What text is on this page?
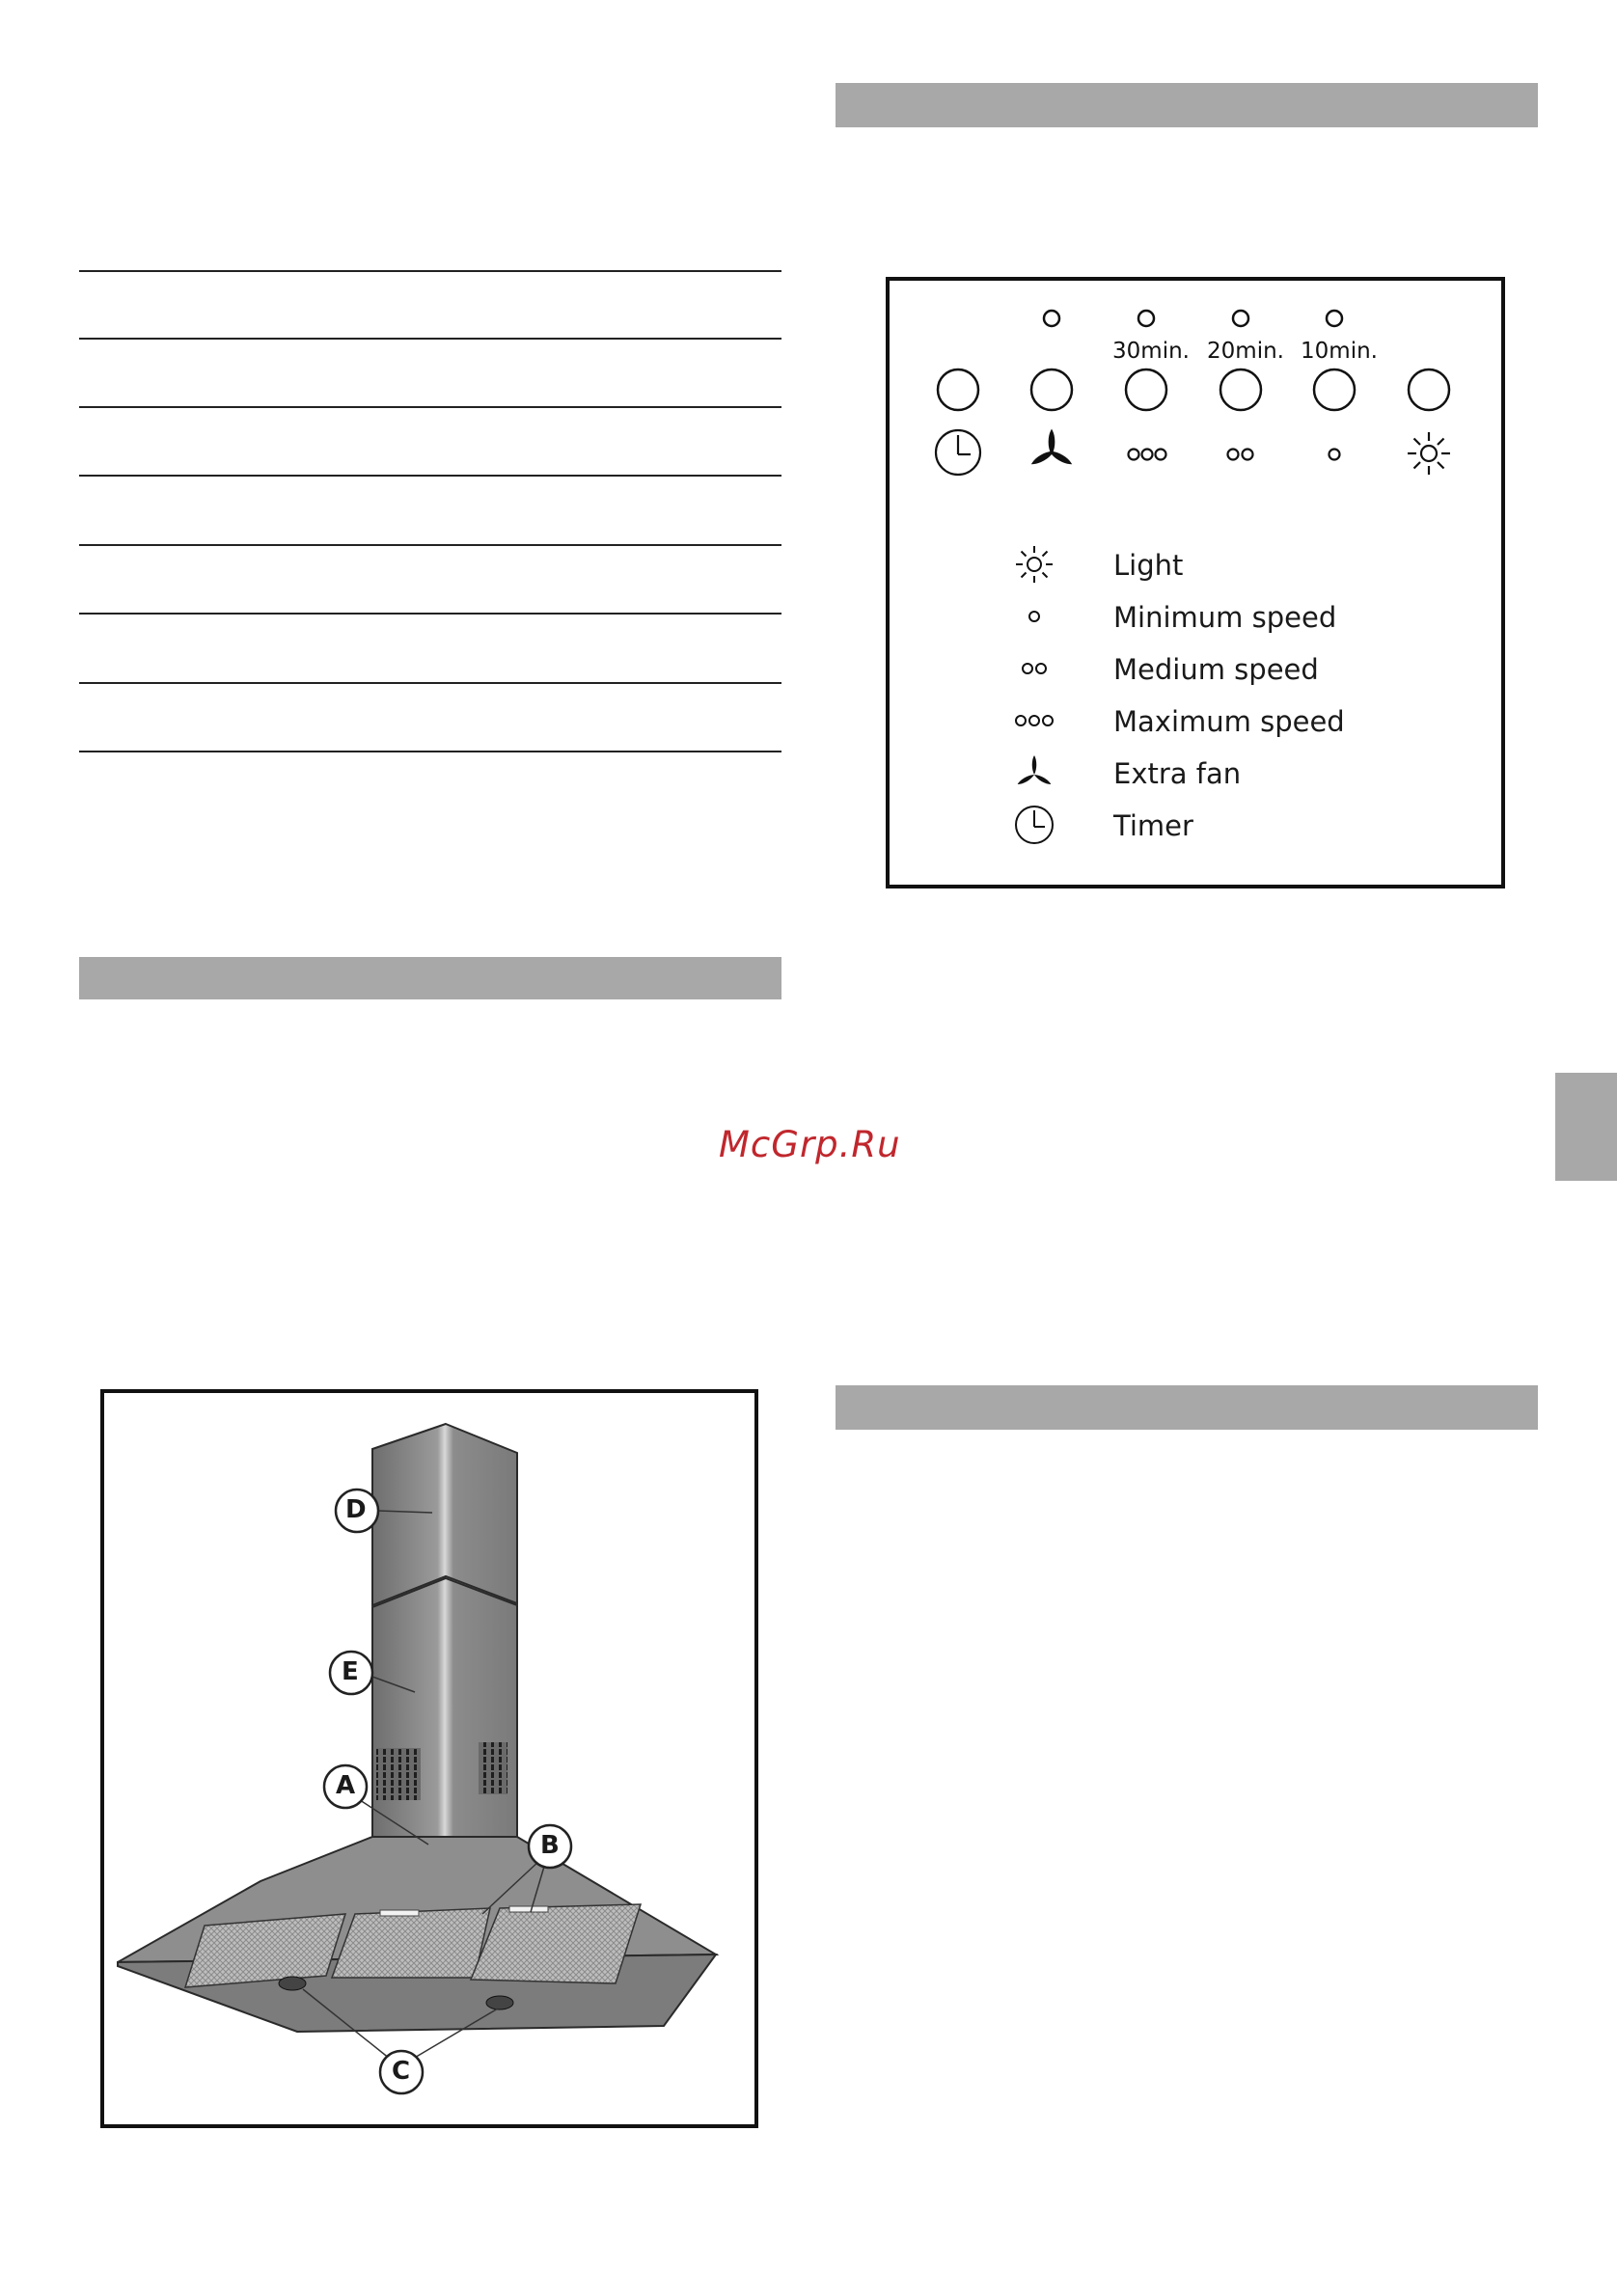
30min. 20min. 10min.
Light
Minimum speed
Medium speed
Maximum speed
Extra fan
Timer
McGrp.Ru
D
E
A
B
C
